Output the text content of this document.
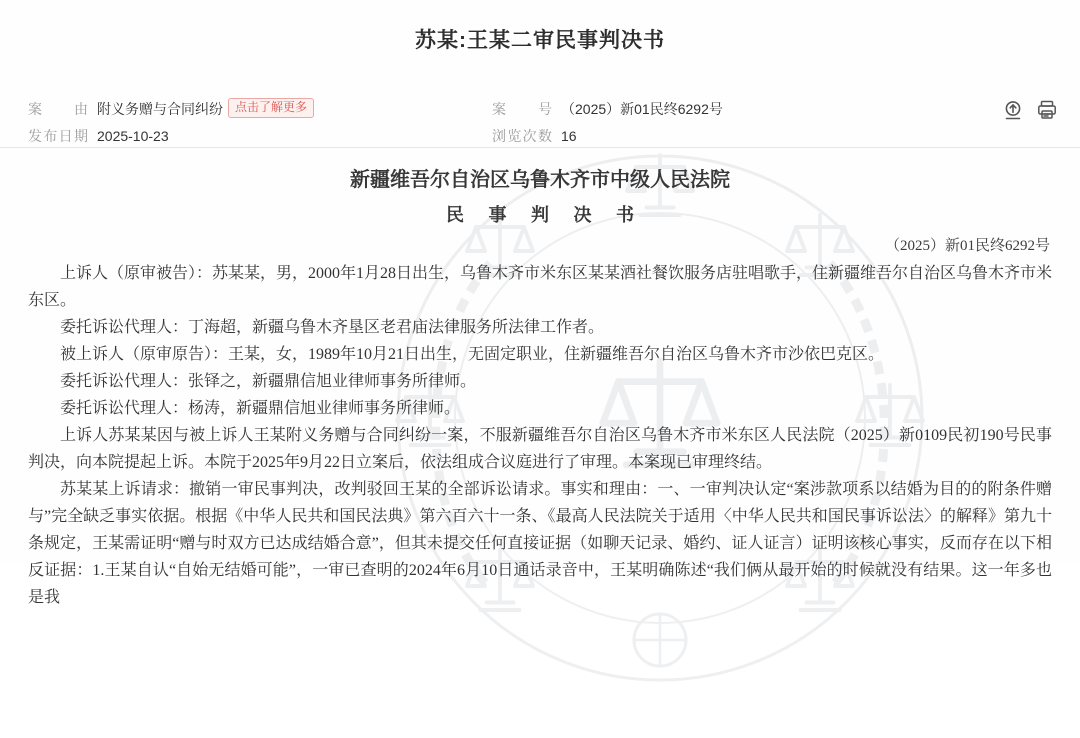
苏某:王某二审民事判决书
案由 附义务赠与合同纠纷 点击了解更多	案号 （2025）新01民终6292号
发布日期 2025-10-23	浏览次数 16
新疆维吾尔自治区乌鲁木齐市中级人民法院
民 事 判 决 书
（2025）新01民终6292号

上诉人（原审被告）：苏某某，男，2000年1月28日出生，乌鲁木齐市米东区某某酒社餐饮服务店驻唱歌手，住新疆维吾尔自治区乌鲁木齐市米东区。

委托诉讼代理人：丁海超，新疆乌鲁木齐垦区老君庙法律服务所法律工作者。

被上诉人（原审原告）：王某，女，1989年10月21日出生，无固定职业，住新疆维吾尔自治区乌鲁木齐市沙依巴克区。

委托诉讼代理人：张铎之，新疆鼎信旭业律师事务所律师。

委托诉讼代理人：杨涛，新疆鼎信旭业律师事务所律师。

上诉人苏某某因与被上诉人王某附义务赠与合同纠纷一案，不服新疆维吾尔自治区乌鲁木齐市米东区人民法院（2025）新0109民初190号民事判决，向本院提起上诉。本院于2025年9月22日立案后，依法组成合议庭进行了审理。本案现已审理终结。

苏某某上诉请求：撤销一审民事判决，改判驳回王某的全部诉讼请求。事实和理由：一、一审判决认定“案涉款项系以结婚为目的的附条件赠与”完全缺乏事实依据。根据《中华人民共和国民法典》第六百六十一条、《最高人民法院关于适用〈中华人民共和国民事诉讼法〉的解释》第九十条规定，王某需证明“赠与时双方已达成结婚合意”，但其未提交任何直接证据（如聊天记录、婚约、证人证言）证明该核心事实，反而存在以下相反证据：1.王某自认“自始无结婚可能”，一审已查明的2024年6月10日通话录音中，王某明确陈述“我们俩从最开始的时候就没有结果。这一年多也是我
